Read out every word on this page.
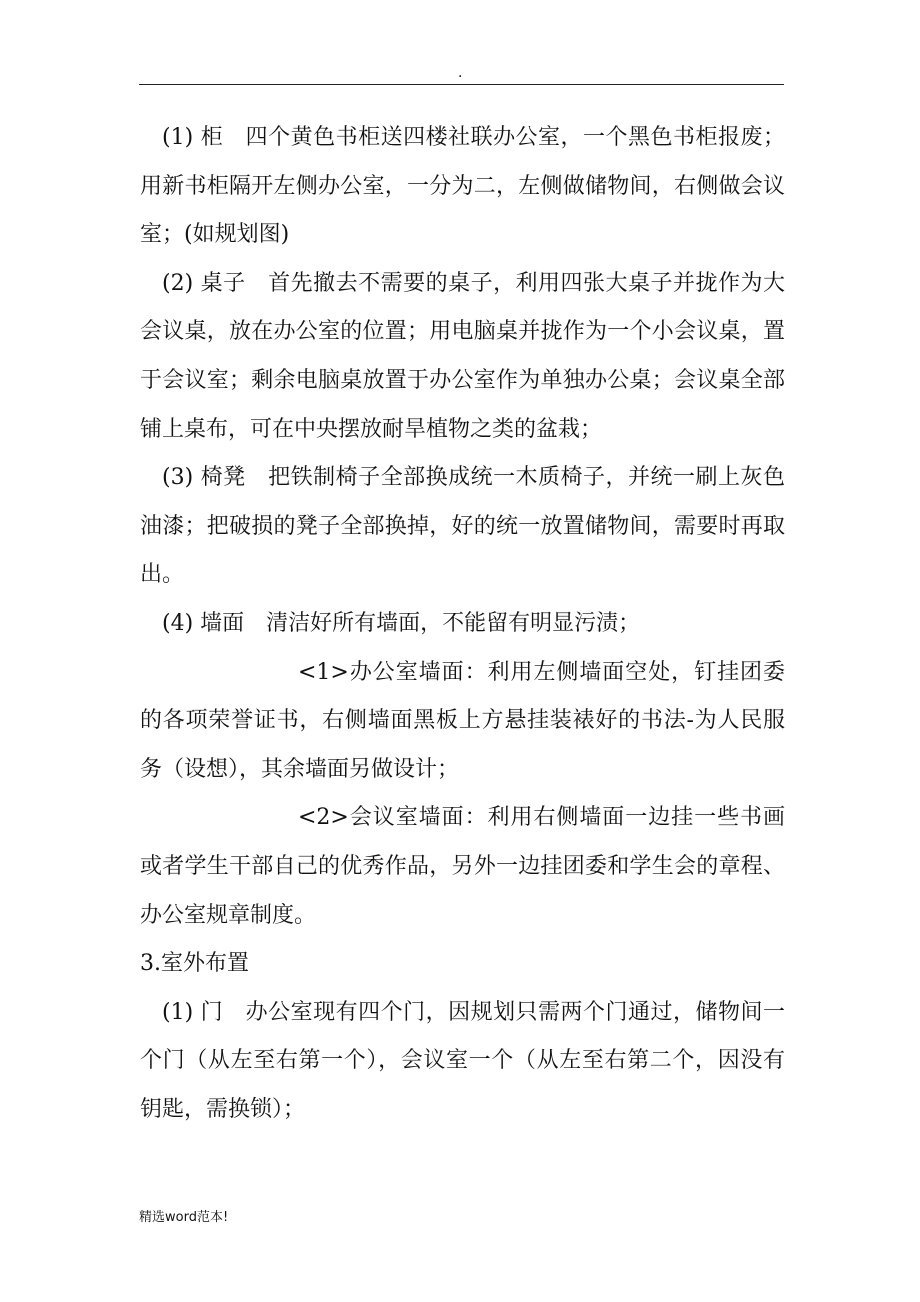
.

(1) 柜　四个黄色书柜送四楼社联办公室，一个黑色书柜报废；用新书柜隔开左侧办公室，一分为二，左侧做储物间，右侧做会议室；(如规划图)

(2) 桌子　首先撤去不需要的桌子，利用四张大桌子并拢作为大会议桌，放在办公室的位置；用电脑桌并拢作为一个小会议桌，置于会议室；剩余电脑桌放置于办公室作为单独办公桌；会议桌全部铺上桌布，可在中央摆放耐旱植物之类的盆栽；

(3) 椅凳　把铁制椅子全部换成统一木质椅子，并统一刷上灰色油漆；把破损的凳子全部换掉，好的统一放置储物间，需要时再取出。

(4) 墙面　清洁好所有墙面，不能留有明显污渍；

<1>办公室墙面：利用左侧墙面空处，钉挂团委的各项荣誉证书，右侧墙面黑板上方悬挂装裱好的书法-为人民服务（设想），其余墙面另做设计；

<2>会议室墙面：利用右侧墙面一边挂一些书画或者学生干部自己的优秀作品，另外一边挂团委和学生会的章程、办公室规章制度。

3.室外布置

(1) 门　办公室现有四个门，因规划只需两个门通过，储物间一个门（从左至右第一个），会议室一个（从左至右第二个，因没有钥匙，需换锁）；

精选word范本!
